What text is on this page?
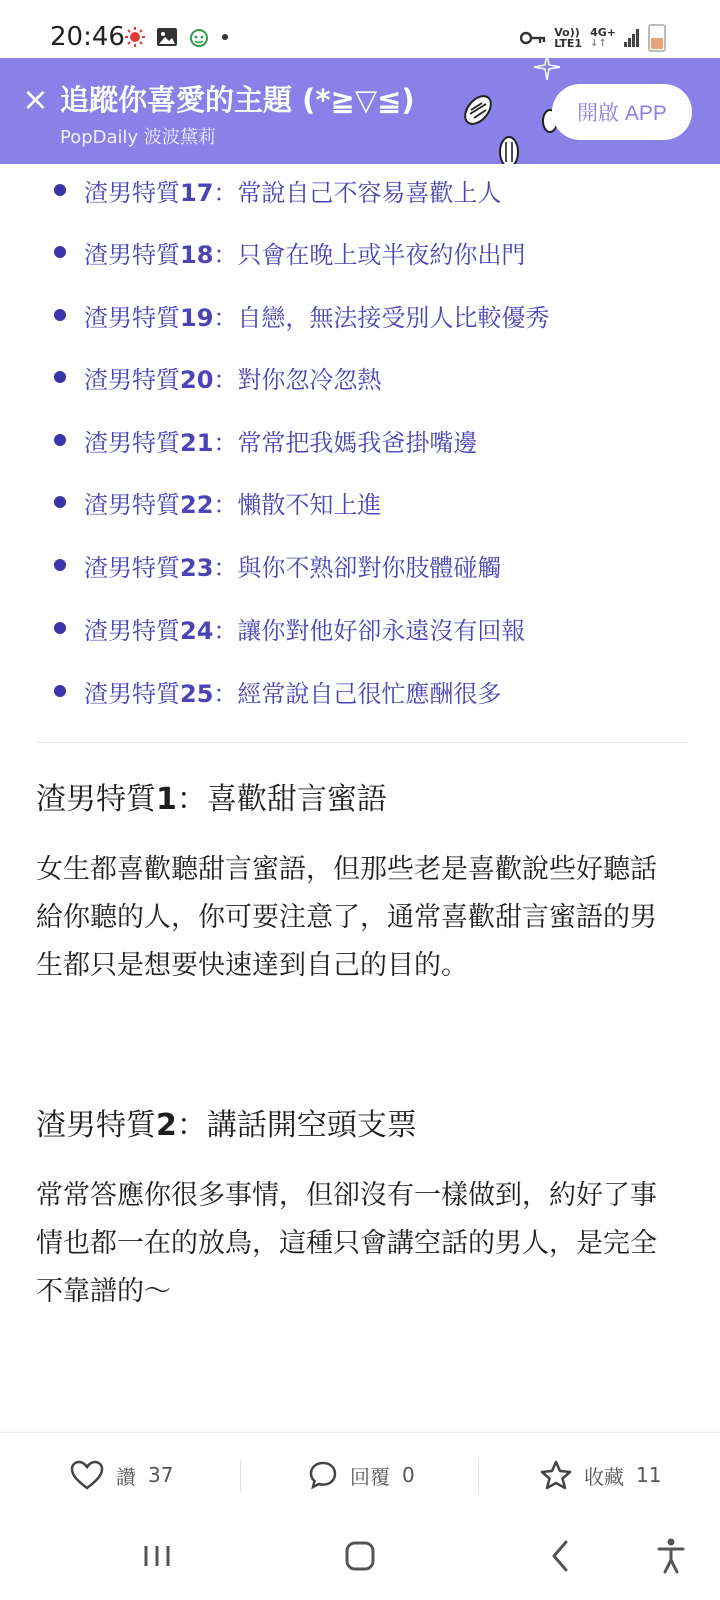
20:46	Vo))
LTE1
4G+
↓↑
× 追蹤你喜愛的主題 (*≧▽≦)
PopDaily 波波黛莉
開啟 APP
渣男特質17：常說自己不容易喜歡上人
渣男特質18：只會在晚上或半夜約你出門
渣男特質19：自戀，無法接受別人比較優秀
渣男特質20：對你忽冷忽熱
渣男特質21：常常把我媽我爸掛嘴邊
渣男特質22：懶散不知上進
渣男特質23：與你不熟卻對你肢體碰觸
渣男特質24：讓你對他好卻永遠沒有回報
渣男特質25：經常說自己很忙應酬很多
渣男特質1：喜歡甜言蜜語
女生都喜歡聽甜言蜜語，但那些老是喜歡說些好聽話給你聽的人，你可要注意了，通常喜歡甜言蜜語的男生都只是想要快速達到自己的目的。
渣男特質2：講話開空頭支票
常常答應你很多事情，但卻沒有一樣做到，約好了事情也都一在的放鳥，這種只會講空話的男人，是完全不靠譜的～
讚 37	回覆 0	收藏 11
